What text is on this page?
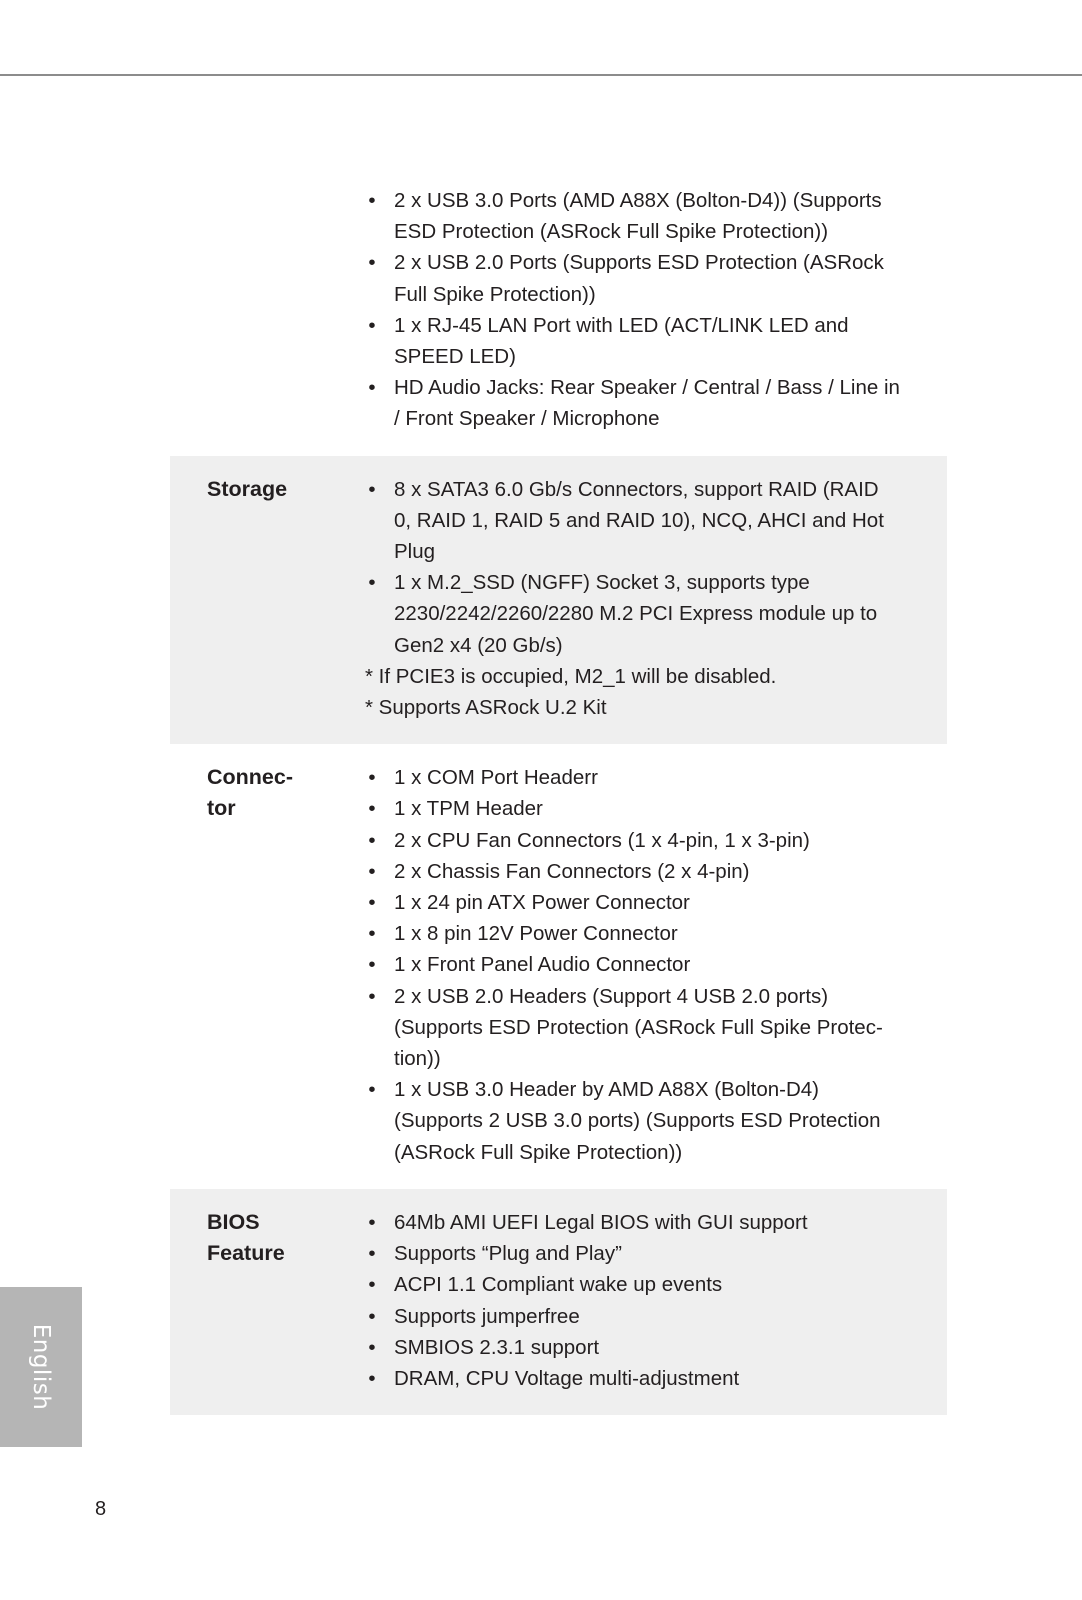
• 2 x USB 3.0 Ports (AMD A88X (Bolton-D4)) (Supports
ESD Protection (ASRock Full Spike Protection))
• 2 x USB 2.0 Ports (Supports ESD Protection (ASRock
Full Spike Protection))
• 1 x RJ-45 LAN Port with LED (ACT/LINK LED and
SPEED LED)
• HD Audio Jacks: Rear Speaker / Central / Bass / Line in
/ Front Speaker / Microphone
Storage	• 8 x SATA3 6.0 Gb/s Connectors, support RAID (RAID
0, RAID 1, RAID 5 and RAID 10), NCQ, AHCI and Hot
Plug
• 1 x M.2_SSD (NGFF) Socket 3, supports type
2230/2242/2260/2280 M.2 PCI Express module up to
Gen2 x4 (20 Gb/s)
* If PCIE3 is occupied, M2_1 will be disabled.
* Supports ASRock U.2 Kit
Connec-
tor
• 1 x COM Port Headerr
• 1 x TPM Header
• 2 x CPU Fan Connectors (1 x 4-pin, 1 x 3-pin)
• 2 x Chassis Fan Connectors (2 x 4-pin)
• 1 x 24 pin ATX Power Connector
• 1 x 8 pin 12V Power Connector
• 1 x Front Panel Audio Connector
• 2 x USB 2.0 Headers (Support 4 USB 2.0 ports)
(Supports ESD Protection (ASRock Full Spike Protec-
tion))
• 1 x USB 3.0 Header by AMD A88X (Bolton-D4)
(Supports 2 USB 3.0 ports) (Supports ESD Protection
(ASRock Full Spike Protection))
BIOS
Feature
• 64Mb AMI UEFI Legal BIOS with GUI support
• Supports “Plug and Play”
• ACPI 1.1 Compliant wake up events
• Supports jumperfree
• SMBIOS 2.3.1 support
• DRAM, CPU Voltage multi-adjustment
English
8
